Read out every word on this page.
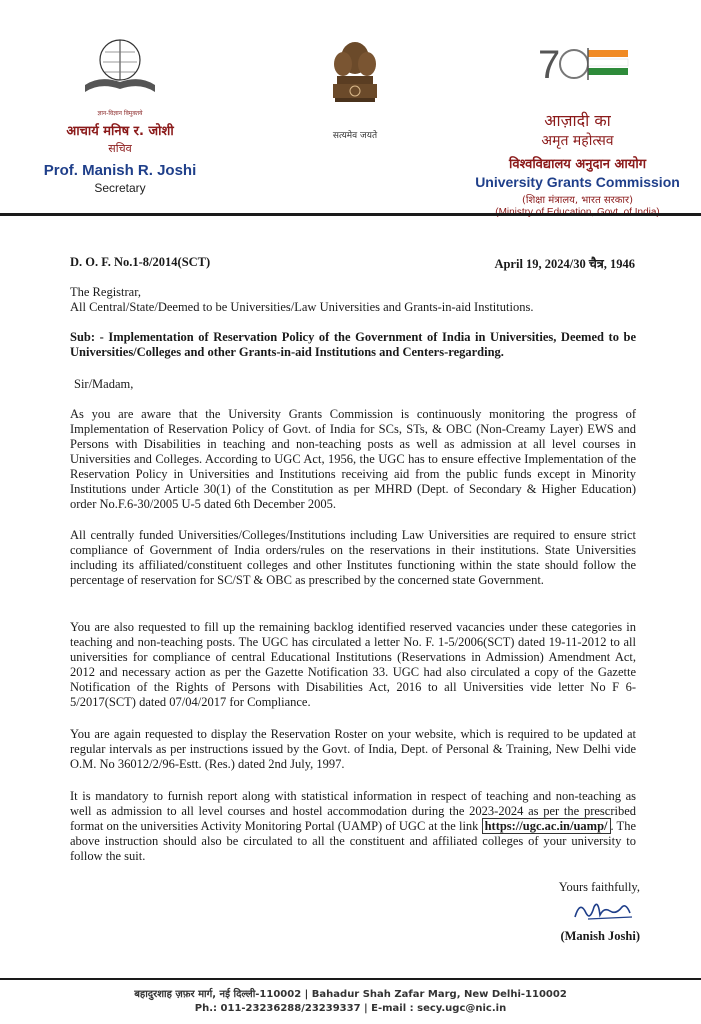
ज्ञान-विज्ञान विमुक्तये
आचार्य मनिष र. जोशी
सचिव
Prof. Manish R. Joshi
Secretary
सत्यमेव जयते
7
आज़ादी का
अमृत महोत्सव
विश्वविद्यालय अनुदान आयोग
University Grants Commission
(शिक्षा मंत्रालय, भारत सरकार)
D. O. F. No.1-8/2014(SCT)	April 19, 2024/30 चैत्र, 1946
The Registrar,
All Central/State/Deemed to be Universities/Law Universities and Grants-in-aid Institutions.
Sub: - Implementation of Reservation Policy of the Government of India in Universities, Deemed to be Universities/Colleges and other Grants-in-aid Institutions and Centers-regarding.
Sir/Madam,
As you are aware that the University Grants Commission is continuously monitoring the progress of Implementation of Reservation Policy of Govt. of India for SCs, STs, & OBC (Non-Creamy Layer) EWS and Persons with Disabilities in teaching and non-teaching posts as well as admission at all level courses in Universities and Colleges. According to UGC Act, 1956, the UGC has to ensure effective Implementation of the Reservation Policy in Universities and Institutions receiving aid from the public funds except in Minority Institutions under Article 30(1) of the Constitution as per MHRD (Dept. of Secondary & Higher Education) order No.F.6-30/2005 U-5 dated 6th December 2005.
All centrally funded Universities/Colleges/Institutions including Law Universities are required to ensure strict compliance of Government of India orders/rules on the reservations in their institutions. State Universities including its affiliated/constituent colleges and other Institutes functioning within the state should follow the percentage of reservation for SC/ST & OBC as prescribed by the concerned state Government.
You are also requested to fill up the remaining backlog identified reserved vacancies under these categories in teaching and non-teaching posts. The UGC has circulated a letter No. F. 1-5/2006(SCT) dated 19-11-2012 to all universities for compliance of central Educational Institutions (Reservations in Admission) Amendment Act, 2012 and necessary action as per the Gazette Notification 33. UGC had also circulated a copy of the Gazette Notification of the Rights of Persons with Disabilities Act, 2016 to all Universities vide letter No F 6- 5/2017(SCT) dated 07/04/2017 for Compliance.
You are again requested to display the Reservation Roster on your website, which is required to be updated at regular intervals as per instructions issued by the Govt. of India, Dept. of Personal & Training, New Delhi vide O.M. No 36012/2/96-Estt. (Res.) dated 2nd July, 1997.
It is mandatory to furnish report along with statistical information in respect of teaching and non-teaching as well as admission to all level courses and hostel accommodation during the 2023-2024 as per the prescribed format on the universities Activity Monitoring Portal (UAMP) of UGC at the link https://ugc.ac.in/uamp/ . The above instruction should also be circulated to all the constituent and affiliated colleges of your university to follow the suit.
Yours faithfully,
(Manish Joshi)
बहादुरशाह ज़फ़र मार्ग, नई दिल्ली-110002 | Bahadur Shah Zafar Marg, New Delhi-110002
Ph.: 011-23236288/23239337 | E-mail : secy.ugc@nic.in
